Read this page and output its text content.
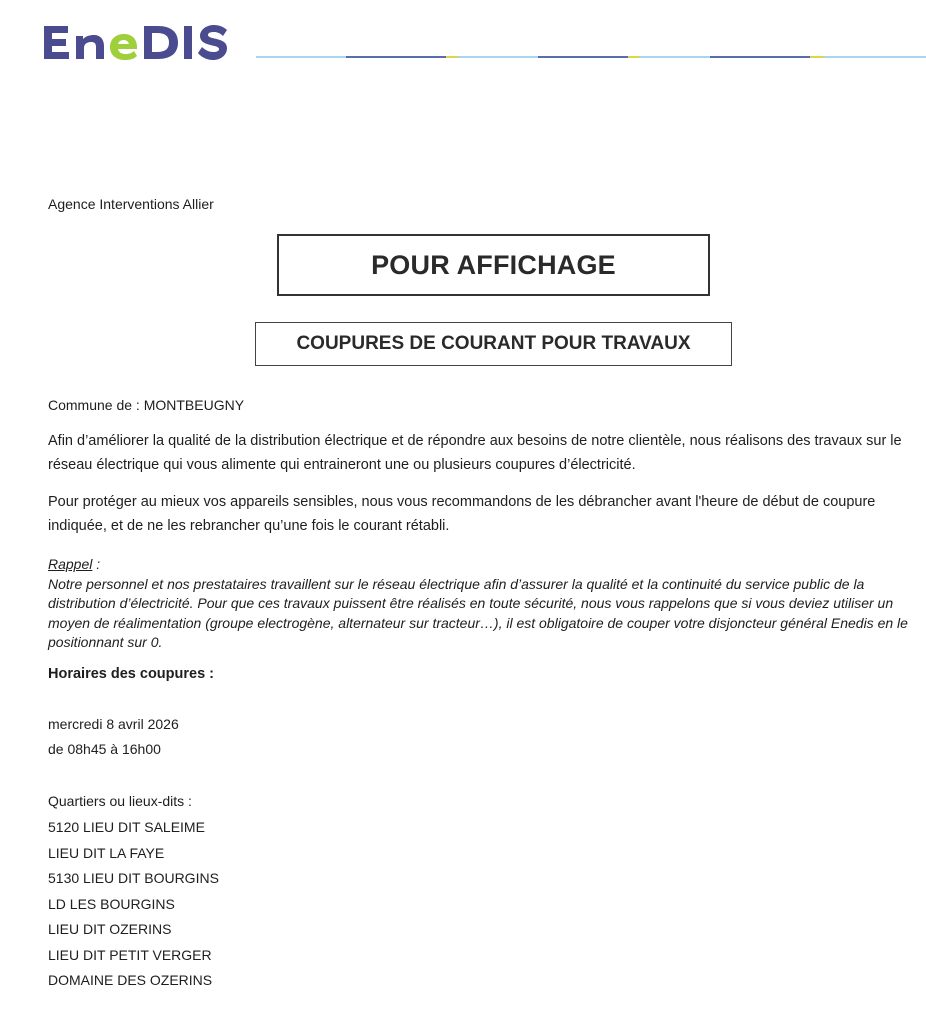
Agence Interventions Allier
POUR AFFICHAGE
COUPURES DE COURANT POUR TRAVAUX
Commune de : MONTBEUGNY
Afin d’améliorer la qualité de la distribution électrique et de répondre aux besoins de notre clientèle, nous réalisons des travaux sur le réseau électrique qui vous alimente qui entraineront une ou plusieurs coupures d’électricité.
Pour protéger au mieux vos appareils sensibles, nous vous recommandons de les débrancher avant l'heure de début de coupure indiquée, et de ne les rebrancher qu’une fois le courant rétabli.
Rappel :
Notre personnel et nos prestataires travaillent sur le réseau électrique afin d’assurer la qualité et la continuité du service public de la distribution d’électricité. Pour que ces travaux puissent être réalisés en toute sécurité, nous vous rappelons que si vous deviez utiliser un moyen de réalimentation (groupe electrogène, alternateur sur tracteur…), il est obligatoire de couper votre disjoncteur général Enedis en le positionnant sur 0.
Horaires des coupures :
mercredi 8 avril 2026
de 08h45 à 16h00
Quartiers ou lieux-dits :
5120 LIEU DIT SALEIME
LIEU DIT LA FAYE
5130 LIEU DIT BOURGINS
LD LES BOURGINS
LIEU DIT OZERINS
LIEU DIT PETIT VERGER
DOMAINE DES OZERINS
